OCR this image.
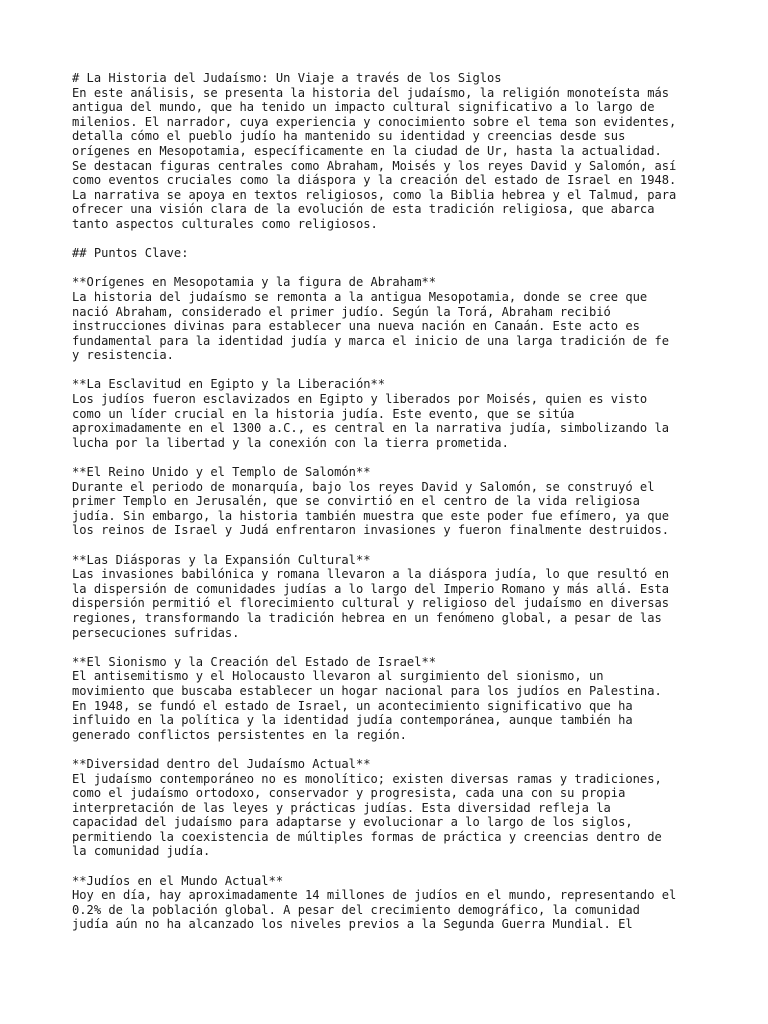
# La Historia del Judaísmo: Un Viaje a través de los Siglos
En este análisis, se presenta la historia del judaísmo, la religión monoteísta más
antigua del mundo, que ha tenido un impacto cultural significativo a lo largo de
milenios. El narrador, cuya experiencia y conocimiento sobre el tema son evidentes,
detalla cómo el pueblo judío ha mantenido su identidad y creencias desde sus
orígenes en Mesopotamia, específicamente en la ciudad de Ur, hasta la actualidad.
Se destacan figuras centrales como Abraham, Moisés y los reyes David y Salomón, así
como eventos cruciales como la diáspora y la creación del estado de Israel en 1948.
La narrativa se apoya en textos religiosos, como la Biblia hebrea y el Talmud, para
ofrecer una visión clara de la evolución de esta tradición religiosa, que abarca
tanto aspectos culturales como religiosos.
## Puntos Clave:
**Orígenes en Mesopotamia y la figura de Abraham**
La historia del judaísmo se remonta a la antigua Mesopotamia, donde se cree que
nació Abraham, considerado el primer judío. Según la Torá, Abraham recibió
instrucciones divinas para establecer una nueva nación en Canaán. Este acto es
fundamental para la identidad judía y marca el inicio de una larga tradición de fe
y resistencia.
**La Esclavitud en Egipto y la Liberación**
Los judíos fueron esclavizados en Egipto y liberados por Moisés, quien es visto
como un líder crucial en la historia judía. Este evento, que se sitúa
aproximadamente en el 1300 a.C., es central en la narrativa judía, simbolizando la
lucha por la libertad y la conexión con la tierra prometida.
**El Reino Unido y el Templo de Salomón**
Durante el periodo de monarquía, bajo los reyes David y Salomón, se construyó el
primer Templo en Jerusalén, que se convirtió en el centro de la vida religiosa
judía. Sin embargo, la historia también muestra que este poder fue efímero, ya que
los reinos de Israel y Judá enfrentaron invasiones y fueron finalmente destruidos.
**Las Diásporas y la Expansión Cultural**
Las invasiones babilónica y romana llevaron a la diáspora judía, lo que resultó en
la dispersión de comunidades judías a lo largo del Imperio Romano y más allá. Esta
dispersión permitió el florecimiento cultural y religioso del judaísmo en diversas
regiones, transformando la tradición hebrea en un fenómeno global, a pesar de las
persecuciones sufridas.
**El Sionismo y la Creación del Estado de Israel**
El antisemitismo y el Holocausto llevaron al surgimiento del sionismo, un
movimiento que buscaba establecer un hogar nacional para los judíos en Palestina.
En 1948, se fundó el estado de Israel, un acontecimiento significativo que ha
influido en la política y la identidad judía contemporánea, aunque también ha
generado conflictos persistentes en la región.
**Diversidad dentro del Judaísmo Actual**
El judaísmo contemporáneo no es monolítico; existen diversas ramas y tradiciones,
como el judaísmo ortodoxo, conservador y progresista, cada una con su propia
interpretación de las leyes y prácticas judías. Esta diversidad refleja la
capacidad del judaísmo para adaptarse y evolucionar a lo largo de los siglos,
permitiendo la coexistencia de múltiples formas de práctica y creencias dentro de
la comunidad judía.
**Judíos en el Mundo Actual**
Hoy en día, hay aproximadamente 14 millones de judíos en el mundo, representando el
0.2% de la población global. A pesar del crecimiento demográfico, la comunidad
judía aún no ha alcanzado los niveles previos a la Segunda Guerra Mundial. El
